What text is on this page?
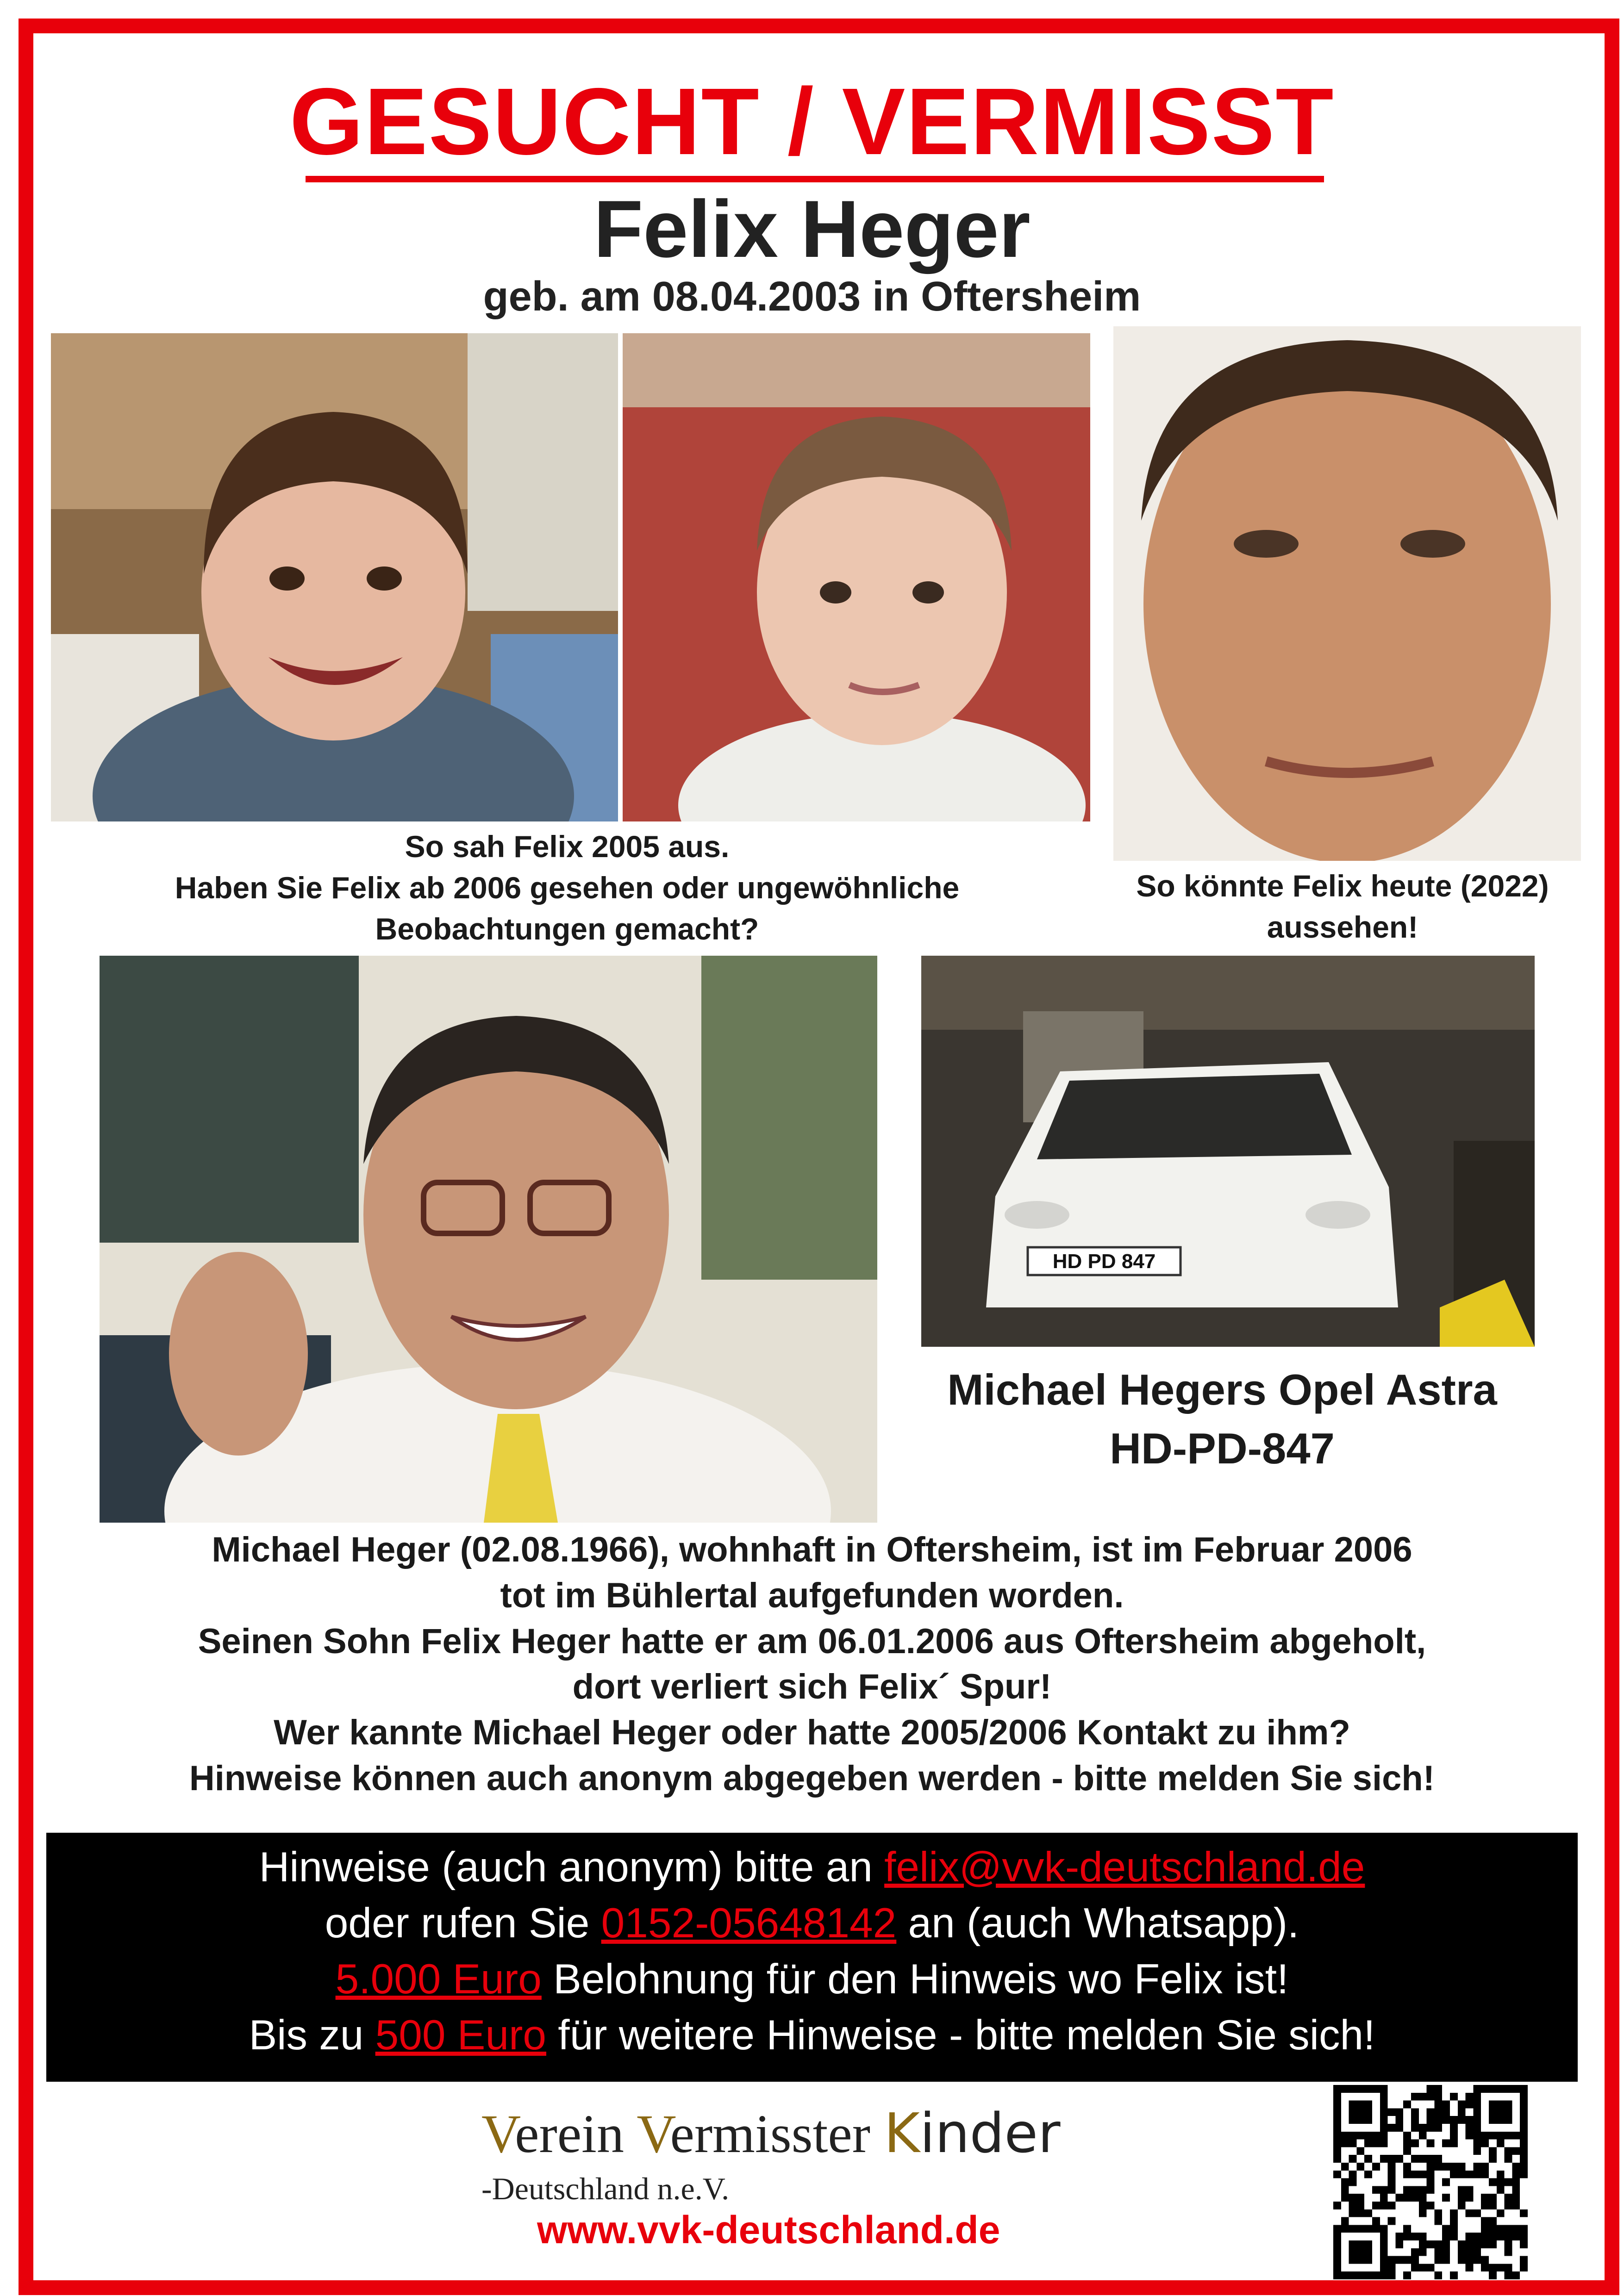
GESUCHT / VERMISST
Felix Heger
geb. am 08.04.2003 in Oftersheim
So sah Felix 2005 aus.
Haben Sie Felix ab 2006 gesehen oder ungewöhnliche
Beobachtungen gemacht?
So könnte Felix heute (2022)
aussehen!
HD PD 847
Michael Hegers Opel Astra
HD-PD-847

Michael Heger (02.08.1966), wohnhaft in Oftersheim, ist im Februar 2006

tot im Bühlertal aufgefunden worden.

Seinen Sohn Felix Heger hatte er am 06.01.2006 aus Oftersheim abgeholt,

dort verliert sich Felix´ Spur!

Wer kannte Michael Heger oder hatte 2005/2006 Kontakt zu ihm?

Hinweise können auch anonym abgegeben werden - bitte melden Sie sich!

Hinweise (auch anonym) bitte an felix@vvk-deutschland.de

oder rufen Sie 0152-05648142 an (auch Whatsapp).

5.000 Euro Belohnung für den Hinweis wo Felix ist!

Bis zu 500 Euro für weitere Hinweise - bitte melden Sie sich!

Verein Vermisster Kinder
-Deutschland n.e.V.
www.vvk-deutschland.de
